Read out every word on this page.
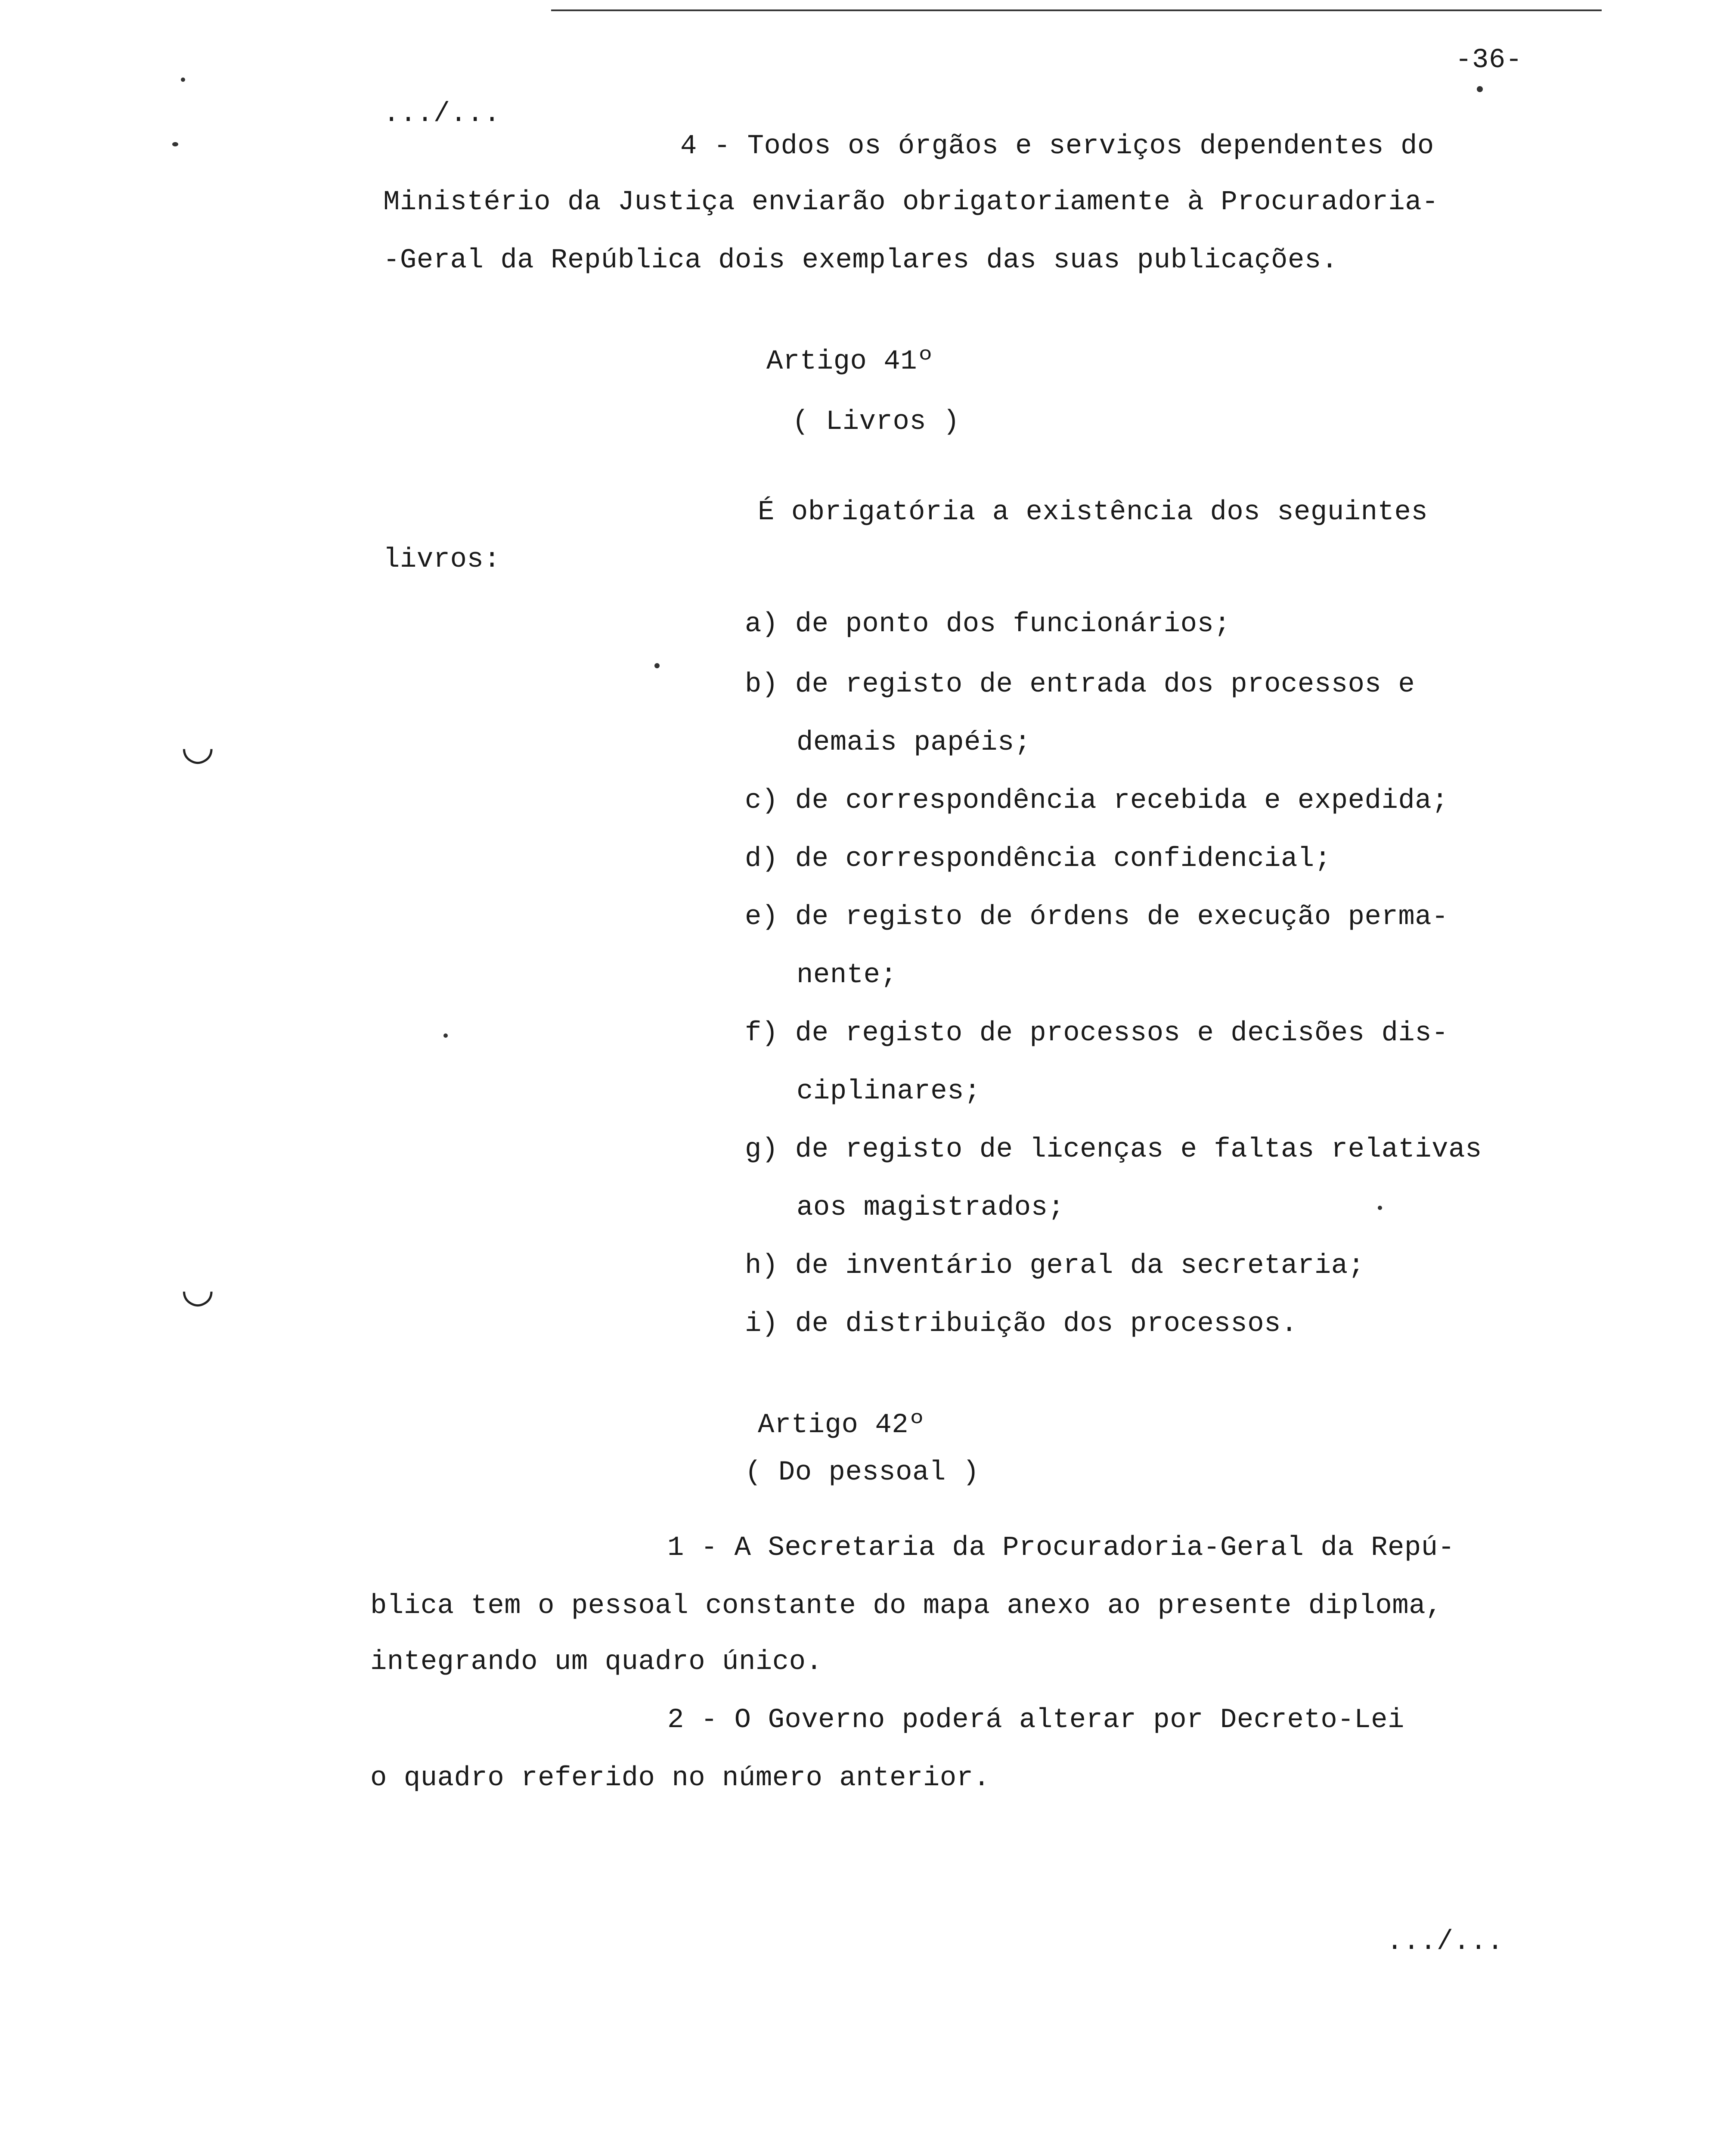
-36-
.../...
4 - Todos os órgãos e serviços dependentes do
Ministério da Justiça enviarão obrigatoriamente à Procuradoria-
-Geral da República dois exemplares das suas publicações.
Artigo 41º
( Livros )
É obrigatória a existência dos seguintes
livros:
a) de ponto dos funcionários;
b) de registo de entrada dos processos e
demais papéis;
c) de correspondência recebida e expedida;
d) de correspondência confidencial;
e) de registo de órdens de execução perma-
nente;
f) de registo de processos e decisões dis-
ciplinares;
g) de registo de licenças e faltas relativas
aos magistrados;
h) de inventário geral da secretaria;
i) de distribuição dos processos.
Artigo 42º
( Do pessoal )
1 - A Secretaria da Procuradoria-Geral da Repú-
blica tem o pessoal constante do mapa anexo ao presente diploma,
integrando um quadro único.
2 - O Governo poderá alterar por Decreto-Lei
o quadro referido no número anterior.
.../...
◡
◡
